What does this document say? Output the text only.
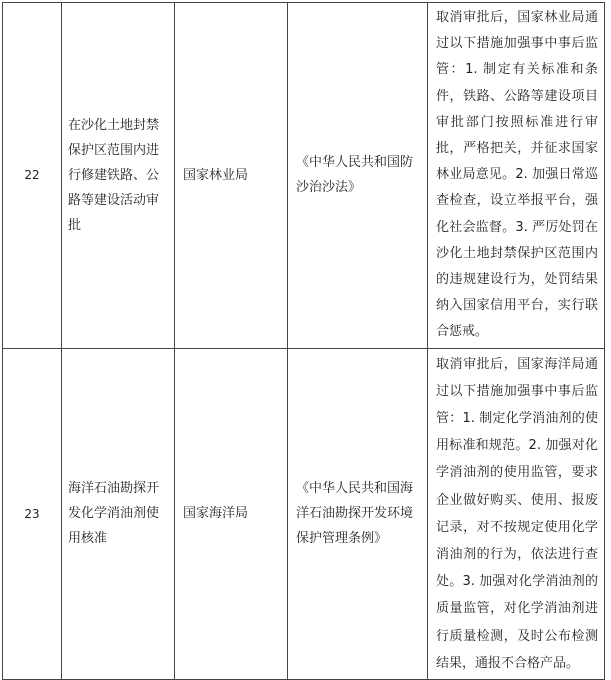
22	在沙化土地封禁保护区范围内进行修建铁路、公路等建设活动审批	国家林业局	《中华人民共和国防沙治沙法》	取消审批后，国家林业局通过以下措施加强事中事后监管：1. 制定有关标准和条件，铁路、公路等建设项目审批部门按照标准进行审批，严格把关，并征求国家林业局意见。2. 加强日常巡查检查，设立举报平台，强化社会监督。3. 严厉处罚在沙化土地封禁保护区范围内的违规建设行为，处罚结果纳入国家信用平台，实行联合惩戒。
23	海洋石油勘探开发化学消油剂使用核准	国家海洋局	《中华人民共和国海洋石油勘探开发环境保护管理条例》	取消审批后，国家海洋局通过以下措施加强事中事后监管：1. 制定化学消油剂的使用标准和规范。2. 加强对化学消油剂的使用监管，要求企业做好购买、使用、报废记录，对不按规定使用化学消油剂的行为，依法进行查处。3. 加强对化学消油剂的质量监管，对化学消油剂进行质量检测，及时公布检测结果，通报不合格产品。
